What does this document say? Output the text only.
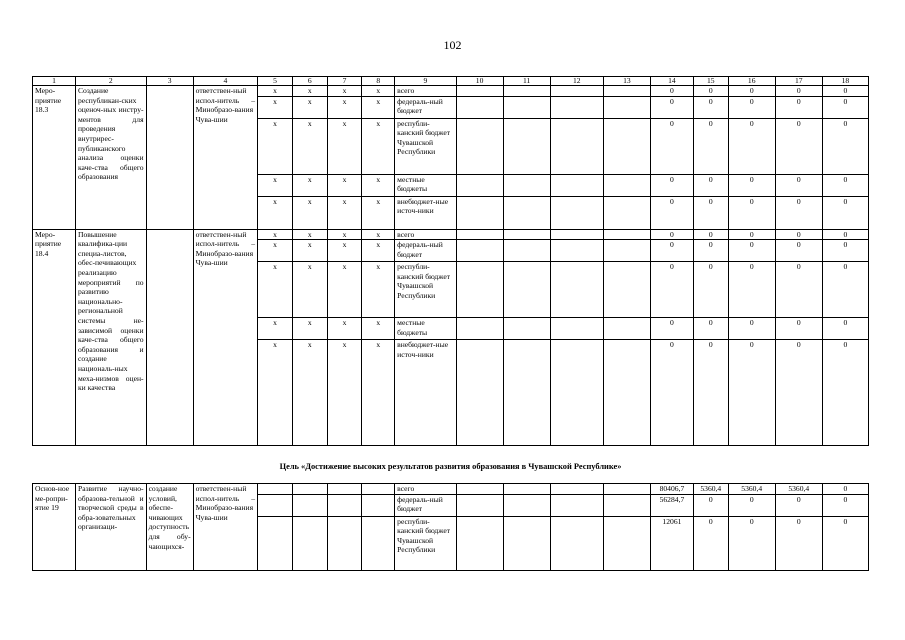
102
1	2	3	4	5	6	7	8	9	10	11	12	13	14	15	16	17	18
Меро-приятие 18.3	Создание республикан-ских оценоч-ных инстру-ментов для проведения внутрирес-публиканского анализа оценки каче-ства общего образования		ответствен-ный испол-нитель – Минобразо-вания Чува-шии	х	х	х	х	всего					0	0	0	0	0
				х	х	х	х	федераль-ный бюджет					0	0	0	0	0
				х	х	х	х	республи-канский бюджет Чувашской Республики					0	0	0	0	0
				х	х	х	х	местные бюджеты					0	0	0	0	0
				х	х	х	х	внебюджет-ные источ-ники					0	0	0	0	0
Меро-приятие 18.4	Повышение квалифика-ции специа-листов, обес-печивающих реализацию мероприятий по развитию национально-региональной системы не-зависимой оценки каче-ства общего образования и создание националь-ных меха-низмов оцен-ки качества		ответствен-ный испол-нитель – Минобразо-вания Чува-шии	х	х	х	х	всего					0	0	0	0	0
				х	х	х	х	федераль-ный бюджет					0	0	0	0	0
				х	х	х	х	республи-канский бюджет Чувашской Республики					0	0	0	0	0
				х	х	х	х	местные бюджеты					0	0	0	0	0
				х	х	х	х	внебюджет-ные источ-ники					0	0	0	0	0
Цель «Достижение высоких результатов развития образования в Чувашской Республике»
Основ-ное ме-ропри-ятие 19	Развитие научно-образова-тельной и творческой среды в обра-зовательных организаци-	создание условий, обеспе-чивающих доступность для обу-чающихся-	ответствен-ный испол-нитель – Минобразо-вания Чува-шии					всего					80406,7	5360,4	5360,4	5360,4	0
								федераль-ный бюджет					56284,7	0	0	0	0
								республи-канский бюджет Чувашской Республики					12061	0	0	0	0
